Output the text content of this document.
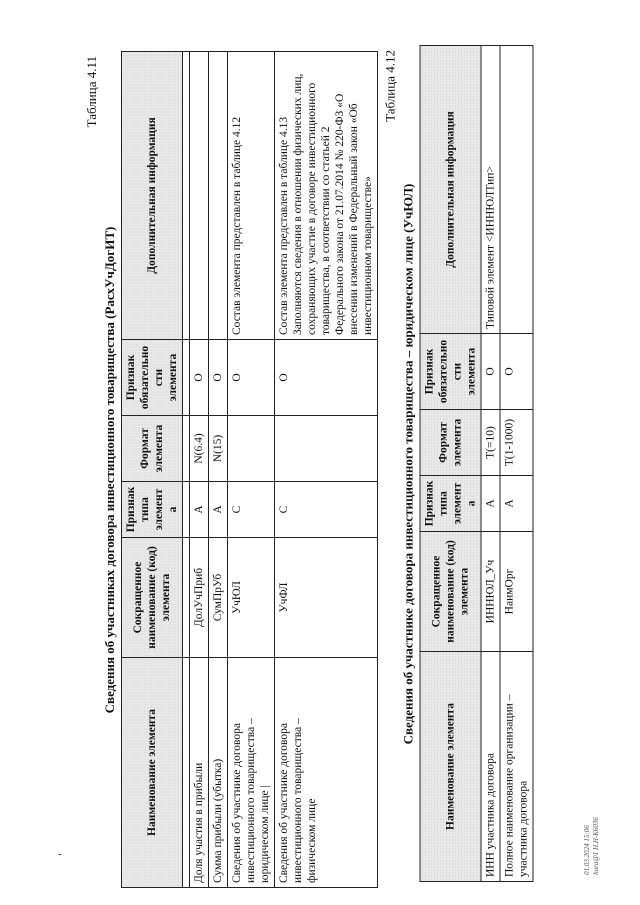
-	01.03.2024 15:06 hara@1 Н.Н-К6036
Таблица 4.11
Сведения об участниках договора инвестиционного товарищества (РасхУчДогИТ)
Наименование элемента	Сокращенное наименование (код) элемента	Признак типа элемента	Формат элемента	Признак обязательности элемента	Дополнительная информация

Доля участия в прибыли	ДолУчПриб	А	N(6.4)	О	
Сумма прибыли (убытка)	СумПрУб	А	N(15)	О	
Сведения об участнике договора инвестиционного товарищества – юридическом лице |	УчЮЛ	С		О	Состав элемента представлен в таблице 4.12
Сведения об участнике договора инвестиционного товарищества – физическом лице	УчФЛ	С		О	Состав элемента представлен в таблице 4.13 Заполняются сведения в отношении физических лиц, сохраняющих участие в договоре инвестиционного товарищества, в соответствии со статьей 2 Федерального закона от 21.07.2014 № 220-ФЗ «О внесении изменений в Федеральный закон «Об инвестиционном товариществе»
Таблица 4.12
Сведения об участнике договора инвестиционного товарищества – юридическом лице (УчЮЛ)
Наименование элемента	Сокращенное наименование (код) элемента	Признак типа элемента	Формат элемента	Признак обязательности элемента	Дополнительная информация
ИНН участника договора	ИННЮЛ_Уч	А	T(=10)	О	Типовой элемент <ИННЮЛТип>
Полное наименование организации – участника договора	НаимОрг	А	T(1-1000)	О	
